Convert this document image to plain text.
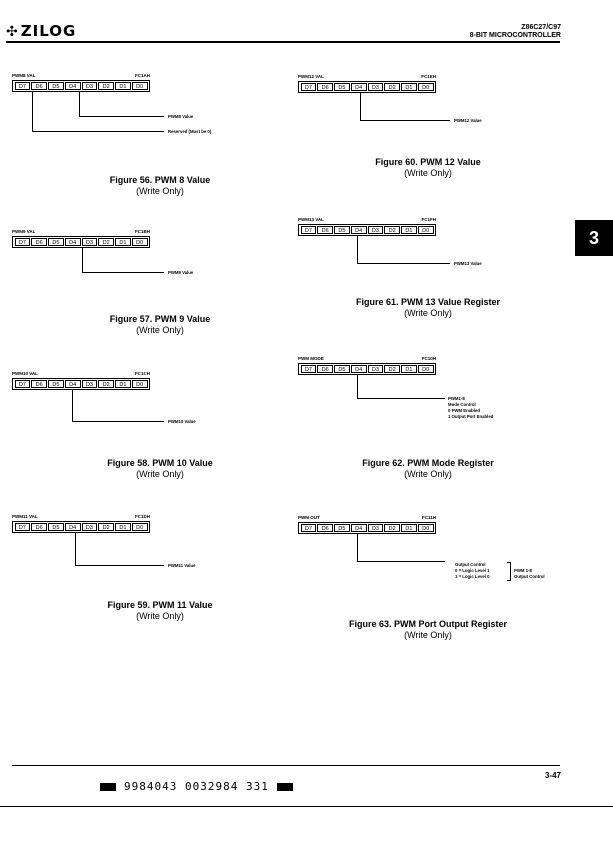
✣ ZILOG	Z86C27/C97
8-BIT MICROCONTROLLER
3
PWM8 VAL	FC1AH
D7	D6	D5	D4	D3	D2	D1	D0
PWM8 Value
Reserved (Must be 0)
Figure 56. PWM 8 Value
(Write Only)
PWM9 VAL	FC1BH
D7	D6	D5	D4	D3	D2	D1	D0
PWM9 Value
Figure 57. PWM 9 Value
(Write Only)
PWM10 VAL	FC1CH
D7	D6	D5	D4	D3	D2	D1	D0
PWM10 Value
Figure 58. PWM 10 Value
(Write Only)
PWM11 VAL	FC1DH
D7	D6	D5	D4	D3	D2	D1	D0
PWM11 Value
Figure 59. PWM 11 Value
(Write Only)
PWM12 VAL	FC1EH
D7	D6	D5	D4	D3	D2	D1	D0
PWM12 Value
Figure 60. PWM 12 Value
(Write Only)
PWM13 VAL	FC1FH
D7	D6	D5	D4	D3	D2	D1	D0
PWM13 Value
Figure 61. PWM 13 Value Register
(Write Only)
PWM MODE	FC10H
D7	D6	D5	D4	D3	D2	D1	D0
PWM1-8
Mode Control
0 PWM Enabled
1 Output Port Enabled
Figure 62. PWM Mode Register
(Write Only)
PWM OUT	FC11H
D7	D6	D5	D4	D3	D2	D1	D0
Output Control
0 = Logic Level 1
1 = Logic Level 0
PWM 1-8
Output Control
Figure 63. PWM Port Output Register
(Write Only)
3-47
9984043 0032984 331
